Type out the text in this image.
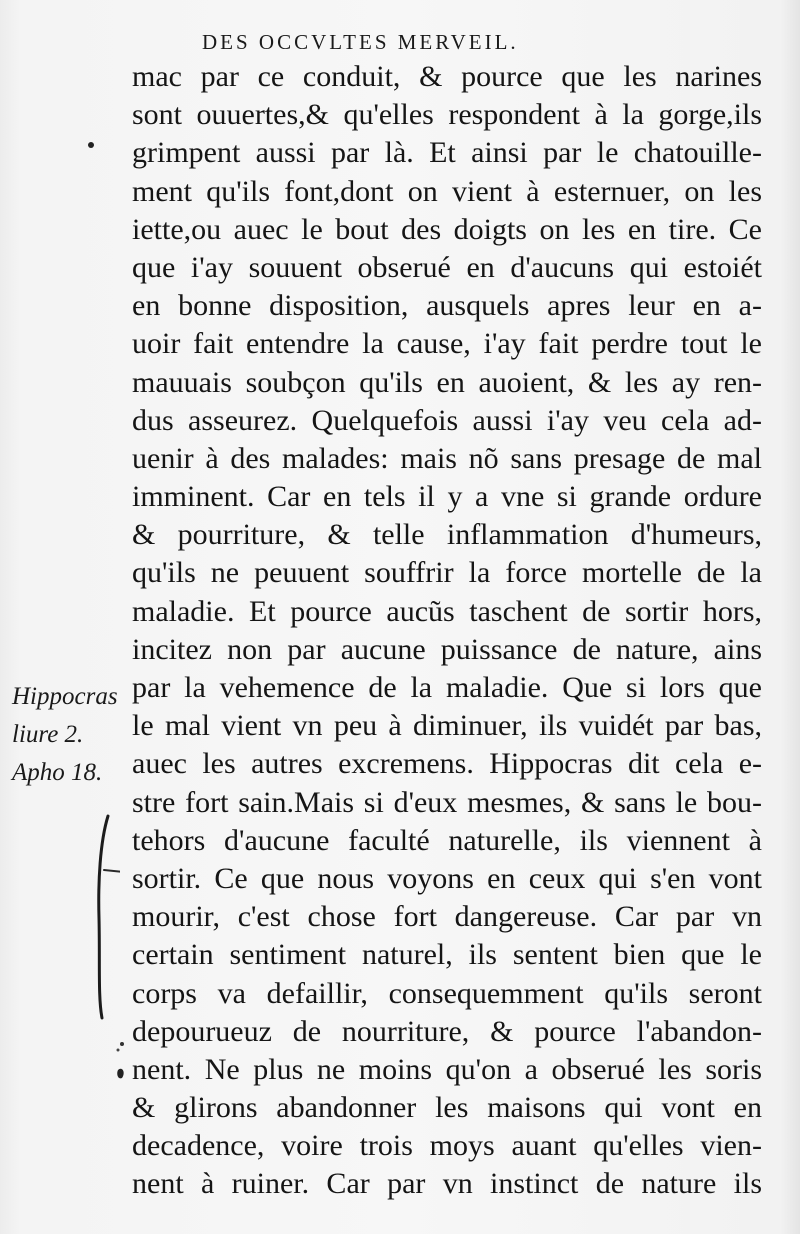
DES OCCVLTES MERVEIL.
mac par ce conduit, & pource que les narines
sont ouuertes,& qu'elles respondent à la gorge,ils
grimpent aussi par là. Et ainsi par le chatouille-
ment qu'ils font,dont on vient à esternuer, on les
iette,ou auec le bout des doigts on les en tire. Ce
que i'ay souuent obserué en d'aucuns qui estoiét
en bonne disposition, ausquels apres leur en a-
uoir fait entendre la cause, i'ay fait perdre tout le
mauuais soubçon qu'ils en auoient, & les ay ren-
dus asseurez. Quelquefois aussi i'ay veu cela ad-
uenir à des malades: mais nõ sans presage de mal
imminent. Car en tels il y a vne si grande ordure
& pourriture, & telle inflammation d'humeurs,
qu'ils ne peuuent souffrir la force mortelle de la
maladie. Et pource aucũs taschent de sortir hors,
incitez non par aucune puissance de nature, ains
par la vehemence de la maladie. Que si lors que
le mal vient vn peu à diminuer, ils vuidét par bas,
auec les autres excremens. Hippocras dit cela e-
stre fort sain.Mais si d'eux mesmes, & sans le bou-
tehors d'aucune faculté naturelle, ils viennent à
sortir. Ce que nous voyons en ceux qui s'en vont
mourir, c'est chose fort dangereuse. Car par vn
certain sentiment naturel, ils sentent bien que le
corps va defaillir, consequemment qu'ils seront
depourueuz de nourriture, & pource l'abandon-
nent. Ne plus ne moins qu'on a obserué les soris
& glirons abandonner les maisons qui vont en
decadence, voire trois moys auant qu'elles vien-
nent à ruiner. Car par vn instinct de nature ils
Hippocras
liure 2.
Apho 18.
